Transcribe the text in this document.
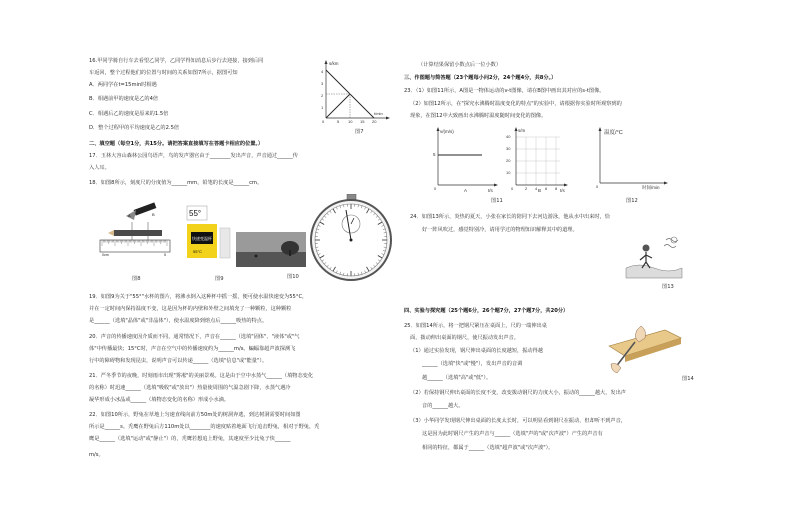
16.甲同学骑自行车去看望乙同学，乙同学得知消息后步行去迎接，接到后同
车返回，整个过程他们的位置与时间的关系如图7所示，据图可知
A．两同学在t=15min时相遇
B．相遇前甲的速度是乙的4倍
C．相遇后乙的速度是原来的1.5倍
D．整个过程甲的平均速度是乙的2.5倍
s/km
t/min
4
3
2
1
0	5 10 15 20
图7
二、填空题（每空1分，共15分。请把答案直接填写在答题卡相应的位置。）
17．玉林大容山森林公园鸟语声，鸟的发声器官由于________发出声音，声音通过______传
入人耳。
18．如图8所示，刻度尺的分度值为______mm，铅笔的长度是______cm。
A	B
0cm	5
图8
55°
快速变温杯
55°C
图9	图10
19．如图9为关于"55°"水杯的图片，将沸水倒入这种杯中摇一摇，便可使水温快速变为55°C，
并在一定时间内保持温度不变，这是因为杯的内壁和外壁之间填充了一种颗粒，这种颗粒
是______（选填"晶体"或"非晶体"），使水温度降到熔点后______吸热的特点。
20．声音的传播速度因介质而不同，通常情况下，声音在______（选填"固体"、"液体"或"气
体"中传播最快；15°C时，声音在空气中的传播速度约为______m/s。蝙蝠靠超声波探测飞
行中的障碍物和发现昆虫，说明声音可以传递______（选填"信息"或"能量"）。
21．严冬季节的夜晚，时刻雨市出现"雾凇"的美丽景观。这是由于空中水蒸气______（填物态变化
的名称）时迅速______（选填"吸收"或"放出"）热量使周围的气温急剧下降，水蒸气遇冷
凝华形成小冰晶或______（填物态变化的名称）形成小水滴。
22．如图10所示，野兔在草地上匀速直线向前方50m处的树洞奔逃，到达树洞需要时间如图
所示是______s。秃鹰在野兔后方110m处以________的速度贴着地面飞行追击野兔，相对于野兔，秃
鹰是______（选填"运动"或"静止"）的，秃鹰若想追上野兔，其速度至少比兔子快______
m/s。
（计算结果保留小数点后一位小数）
三、作图题与简答题（23个题每小问2分，24个题4分，共8分。）
23．（1）如图11所示，A图是一物体运动的v-t图像，请在B图中画出其对应的s-t图像。
（2）如图12所示，在"探究水沸腾时温度变化的特点"的实验中，请根据你实验时所观察到的
现象，在图12中大致画出水沸腾时温度随时间变化的图像。
v/(m/s)
5
0	t/s
A
s/m
40
30
20
10
0	2 4 6 8 t/s
B
图11
温度/°C
0	时间/min
图12
24．如图13所示，炎热的夏天，小张在家长的陪同下去河边游泳，他从水中出来时，恰
好一阵风吹过，感觉特别冷，请用学过的物理知识解释其中的道理。
图13
四、实验与探究题（25个题6分，26个题7分，27个题7分，共20分）
25．如图14所示，将一把钢尺紧压在桌面上，尺的一端伸出桌
面，拨动伸出桌面的钢尺，使尺振动发出声音。
（1）通过实验发现，钢尺伸出桌面的长度越短，振动得越
______（选填"快"或"慢"），发出声音的音调
越______（选填"高"或"低"）。
（2）若保持钢尺伸出桌面的长度不变，改变拨动钢尺的力度大小，振动的______越大，发出声
音的______越大。
（3）小华同学发现钢尺伸出桌面的长度太长时，可以明显看到钢尺在振动，但却听不到声音，
这是因为此时钢尺产生的声音与______（选填"声的"或"次声波"）产生的声音有
相同的特征，都属于______（选填"超声波"或"次声波"）。
图14
